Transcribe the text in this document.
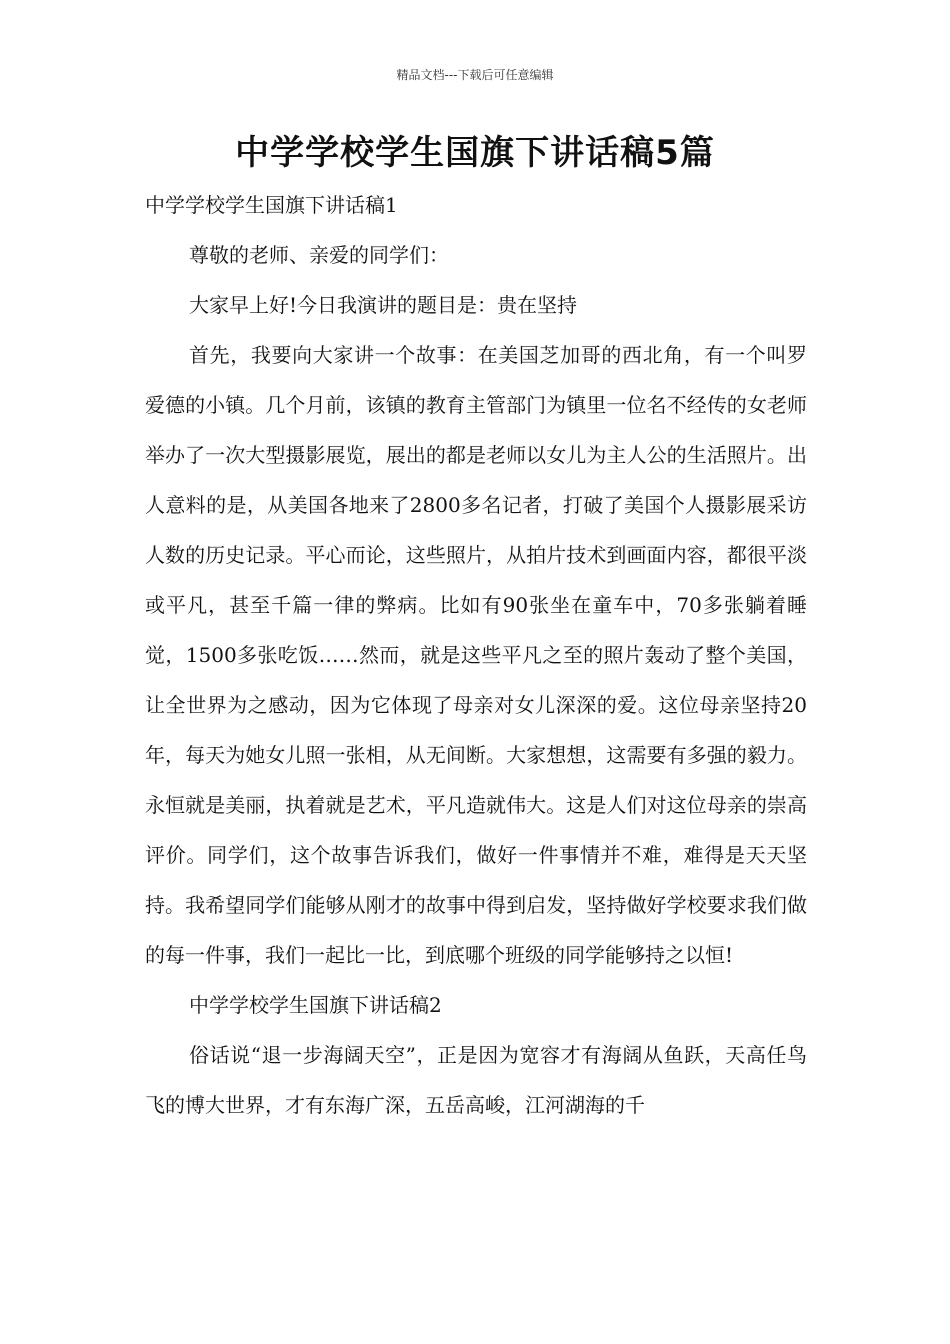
精品文档---下载后可任意编辑
中学学校学生国旗下讲话稿5篇

中学学校学生国旗下讲话稿1

尊敬的老师、亲爱的同学们：

大家早上好!今日我演讲的题目是：贵在坚持

首先，我要向大家讲一个故事：在美国芝加哥的西北角，有一个叫罗爱德的小镇。几个月前，该镇的教育主管部门为镇里一位名不经传的女老师举办了一次大型摄影展览，展出的都是老师以女儿为主人公的生活照片。出人意料的是，从美国各地来了2800多名记者，打破了美国个人摄影展采访人数的历史记录。平心而论，这些照片，从拍片技术到画面内容，都很平淡或平凡，甚至千篇一律的弊病。比如有90张坐在童车中，70多张躺着睡觉，1500多张吃饭……然而，就是这些平凡之至的照片轰动了整个美国，让全世界为之感动，因为它体现了母亲对女儿深深的爱。这位母亲坚持20年，每天为她女儿照一张相，从无间断。大家想想，这需要有多强的毅力。永恒就是美丽，执着就是艺术，平凡造就伟大。这是人们对这位母亲的崇高评价。同学们，这个故事告诉我们，做好一件事情并不难，难得是天天坚持。我希望同学们能够从刚才的故事中得到启发，坚持做好学校要求我们做的每一件事，我们一起比一比，到底哪个班级的同学能够持之以恒!

中学学校学生国旗下讲话稿2

俗话说“退一步海阔天空”，正是因为宽容才有海阔从鱼跃，天高任鸟飞的博大世界，才有东海广深，五岳高峻，江河湖海的千
